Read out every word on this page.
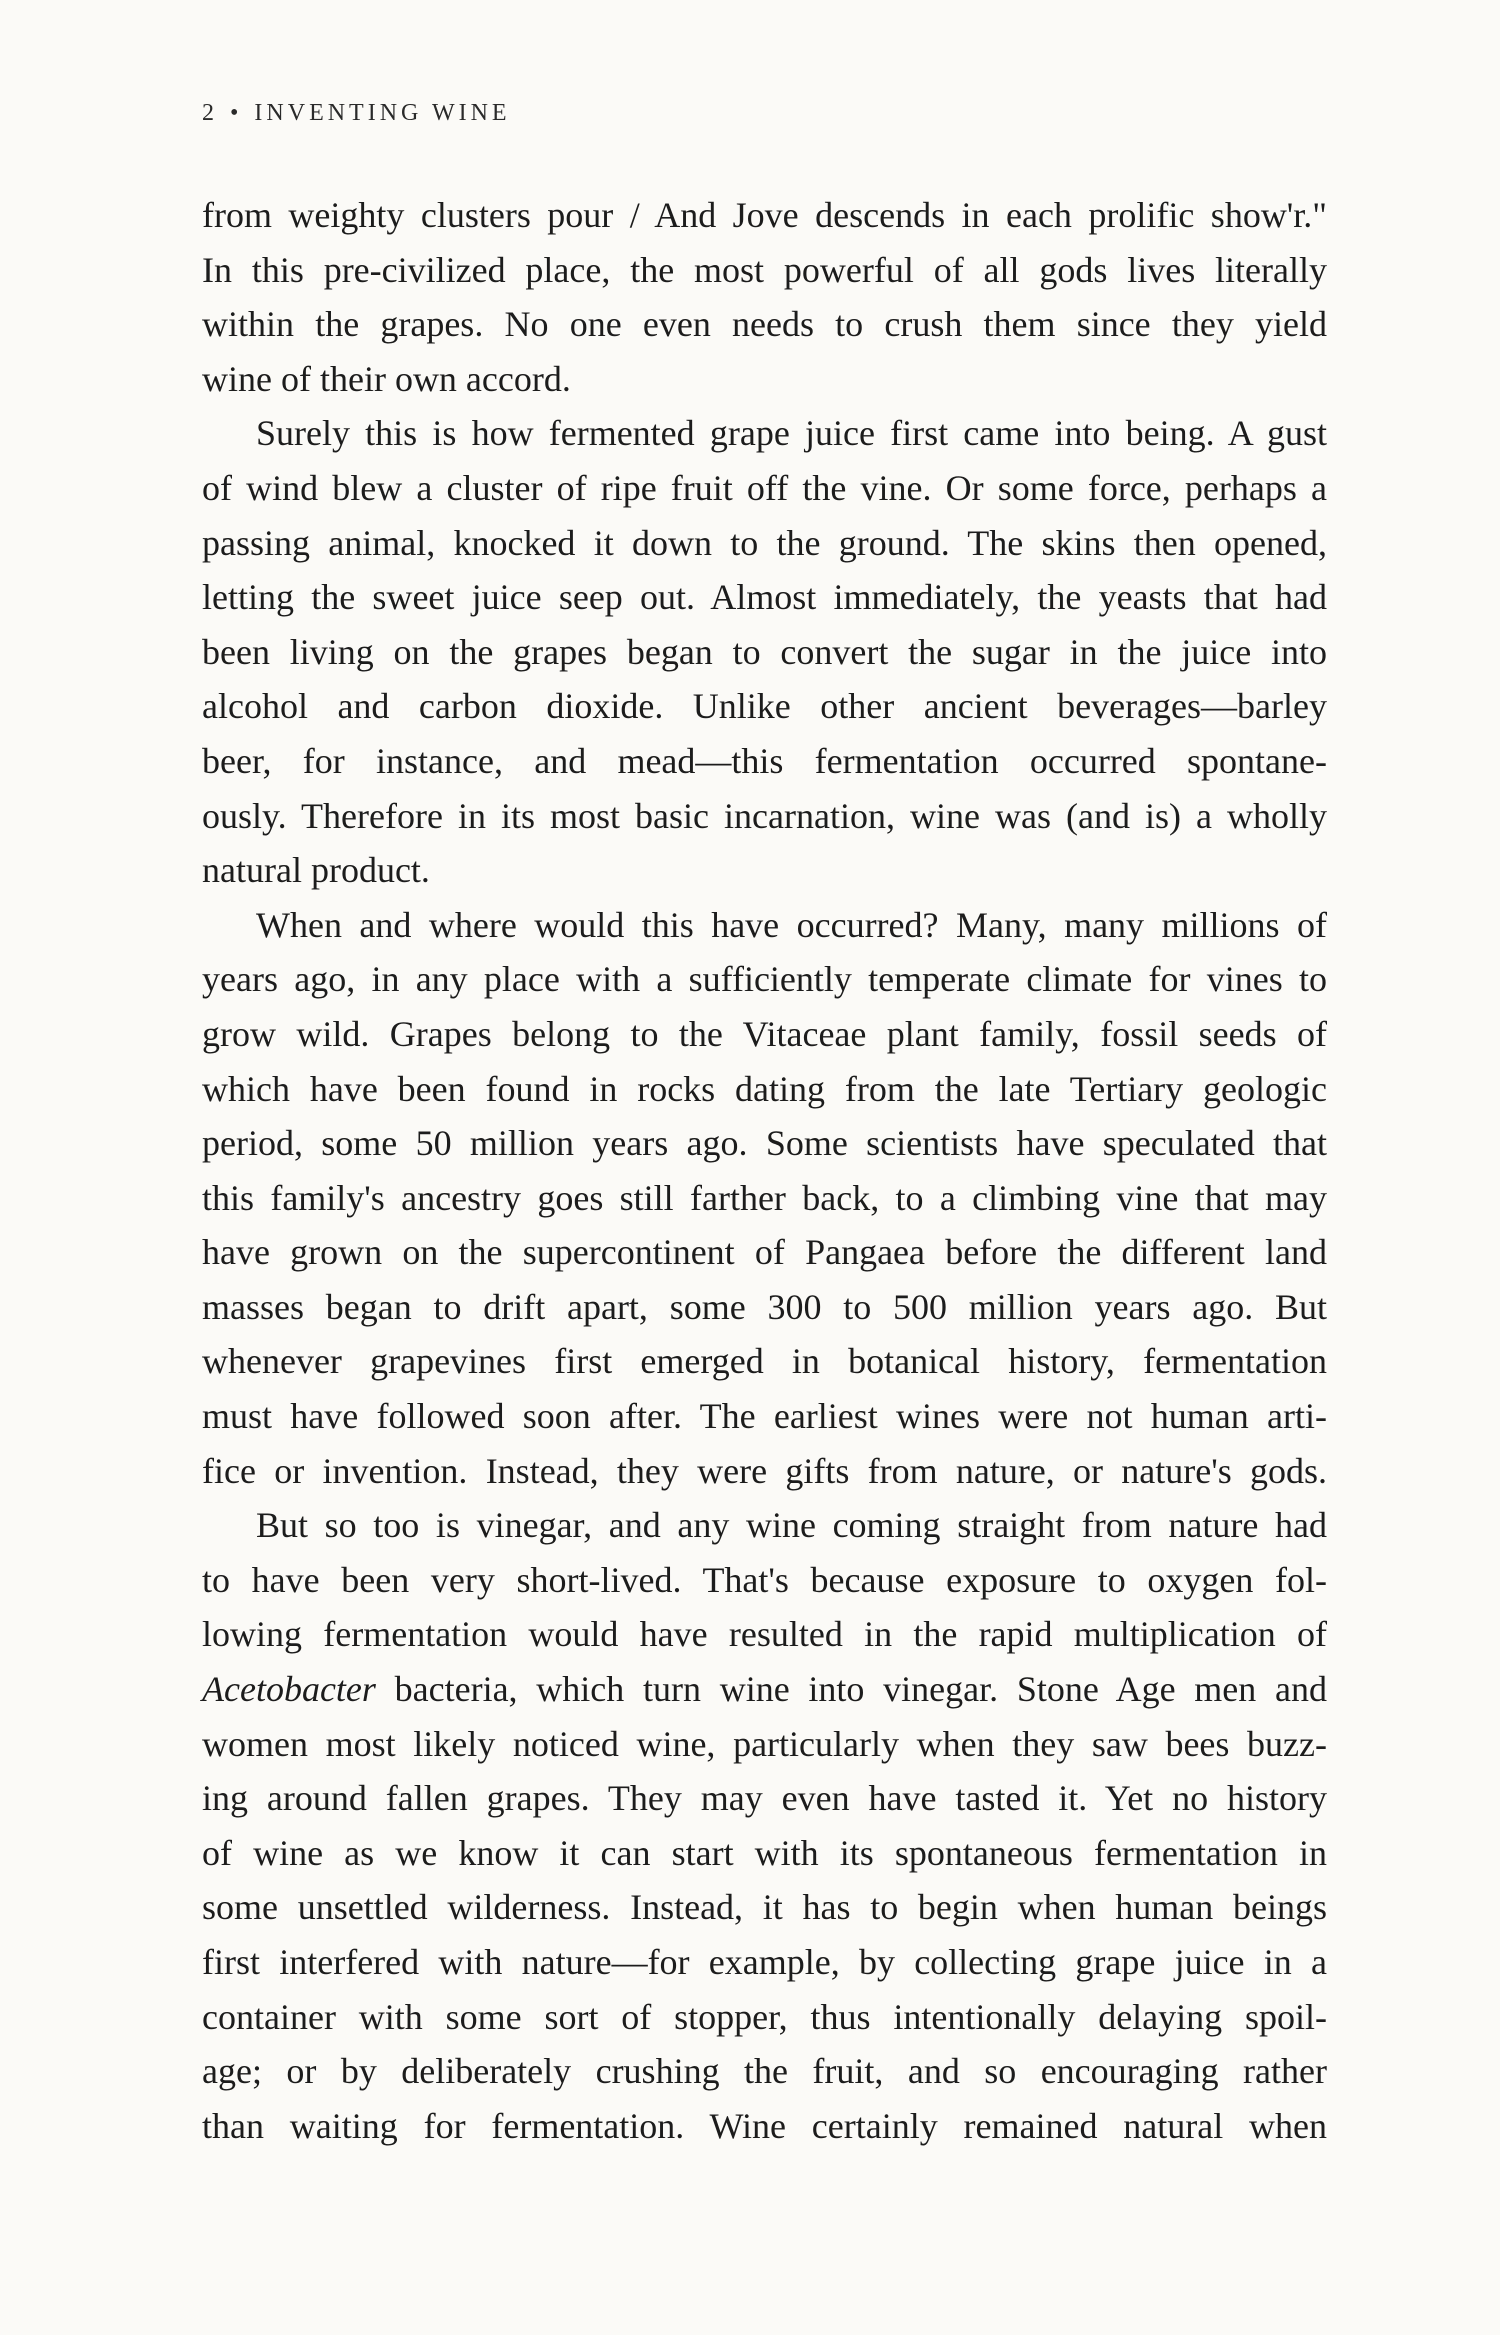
2 • INVENTING WINE
from weighty clusters pour / And Jove descends in each prolific show'r."
In this pre-civilized place, the most powerful of all gods lives literally
within the grapes. No one even needs to crush them since they yield
wine of their own accord.
Surely this is how fermented grape juice first came into being. A gust
of wind blew a cluster of ripe fruit off the vine. Or some force, perhaps a
passing animal, knocked it down to the ground. The skins then opened,
letting the sweet juice seep out. Almost immediately, the yeasts that had
been living on the grapes began to convert the sugar in the juice into
alcohol and carbon dioxide. Unlike other ancient beverages—barley
beer, for instance, and mead—this fermentation occurred spontane-
ously. Therefore in its most basic incarnation, wine was (and is) a wholly
natural product.
When and where would this have occurred? Many, many millions of
years ago, in any place with a sufficiently temperate climate for vines to
grow wild. Grapes belong to the Vitaceae plant family, fossil seeds of
which have been found in rocks dating from the late Tertiary geologic
period, some 50 million years ago. Some scientists have speculated that
this family's ancestry goes still farther back, to a climbing vine that may
have grown on the supercontinent of Pangaea before the different land
masses began to drift apart, some 300 to 500 million years ago. But
whenever grapevines first emerged in botanical history, fermentation
must have followed soon after. The earliest wines were not human arti-
fice or invention. Instead, they were gifts from nature, or nature's gods.
But so too is vinegar, and any wine coming straight from nature had
to have been very short-lived. That's because exposure to oxygen fol-
lowing fermentation would have resulted in the rapid multiplication of
Acetobacter bacteria, which turn wine into vinegar. Stone Age men and
women most likely noticed wine, particularly when they saw bees buzz-
ing around fallen grapes. They may even have tasted it. Yet no history
of wine as we know it can start with its spontaneous fermentation in
some unsettled wilderness. Instead, it has to begin when human beings
first interfered with nature—for example, by collecting grape juice in a
container with some sort of stopper, thus intentionally delaying spoil-
age; or by deliberately crushing the fruit, and so encouraging rather
than waiting for fermentation. Wine certainly remained natural when
